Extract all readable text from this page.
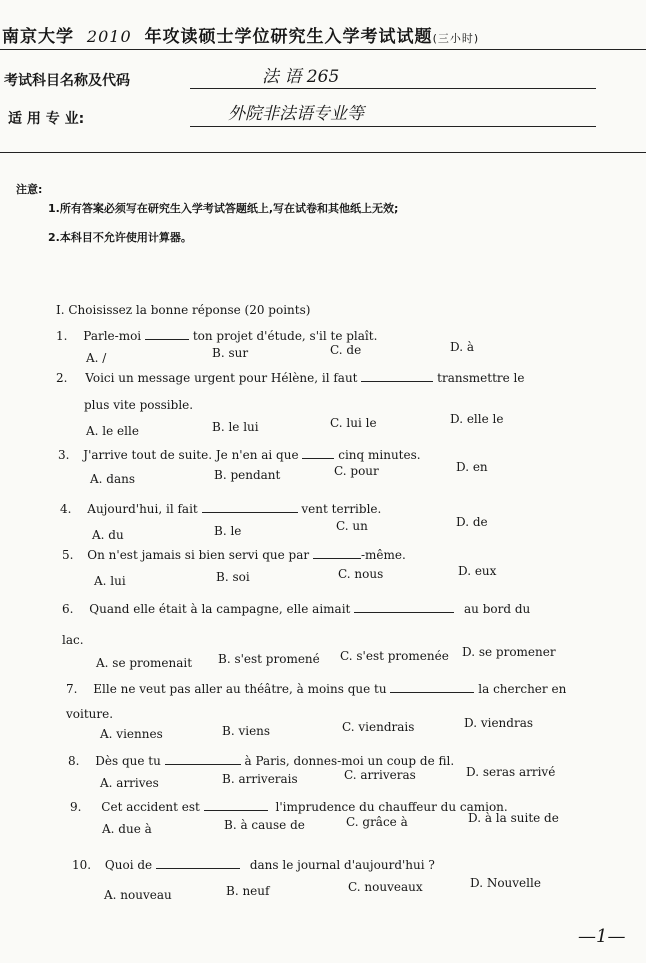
南京大学 2010 年攻读硕士学位研究生入学考试试题(三小时)
考试科目名称及代码	法 语 265
适 用 专 业:	外院非法语专业等
注意:
1.所有答案必须写在研究生入学考试答题纸上,写在试卷和其他纸上无效;
2.本科目不允许使用计算器。
I. Choisissez la bonne réponse (20 points)
1. Parle-moi	ton projet d'étude, s'il te plaît.
A. /	B. sur	C. de	D. à
2. Voici un message urgent pour Hélène, il faut	transmettre le
plus vite possible.
A. le elle	B. le lui	C. lui le	D. elle le
3. J'arrive tout de suite. Je n'en ai que	cinq minutes.
A. dans	B. pendant	C. pour	D. en
4. Aujourd'hui, il fait	vent terrible.
A. du	B. le	C. un	D. de
5. On n'est jamais si bien servi que par	-même.
A. lui	B. soi	C. nous	D. eux
6. Quand elle était à la campagne, elle aimait	au bord du
lac.
A. se promenait B. s'est promené C. s'est promenée D. se promener
7. Elle ne veut pas aller au théâtre, à moins que tu	la chercher en
voiture.
A. viennes	B. viens	C. viendrais	D. viendras
8. Dès que tu	à Paris, donnes-moi un coup de fil.
A. arrives	B. arriverais	C. arriveras	D. seras arrivé
9. Cet accident est	l'imprudence du chauffeur du camion.
A. due à	B. à cause de	C. grâce à	D. à la suite de
10. Quoi de	dans le journal d'aujourd'hui ?
A. nouveau	B. neuf	C. nouveaux	D. Nouvelle
—1—
